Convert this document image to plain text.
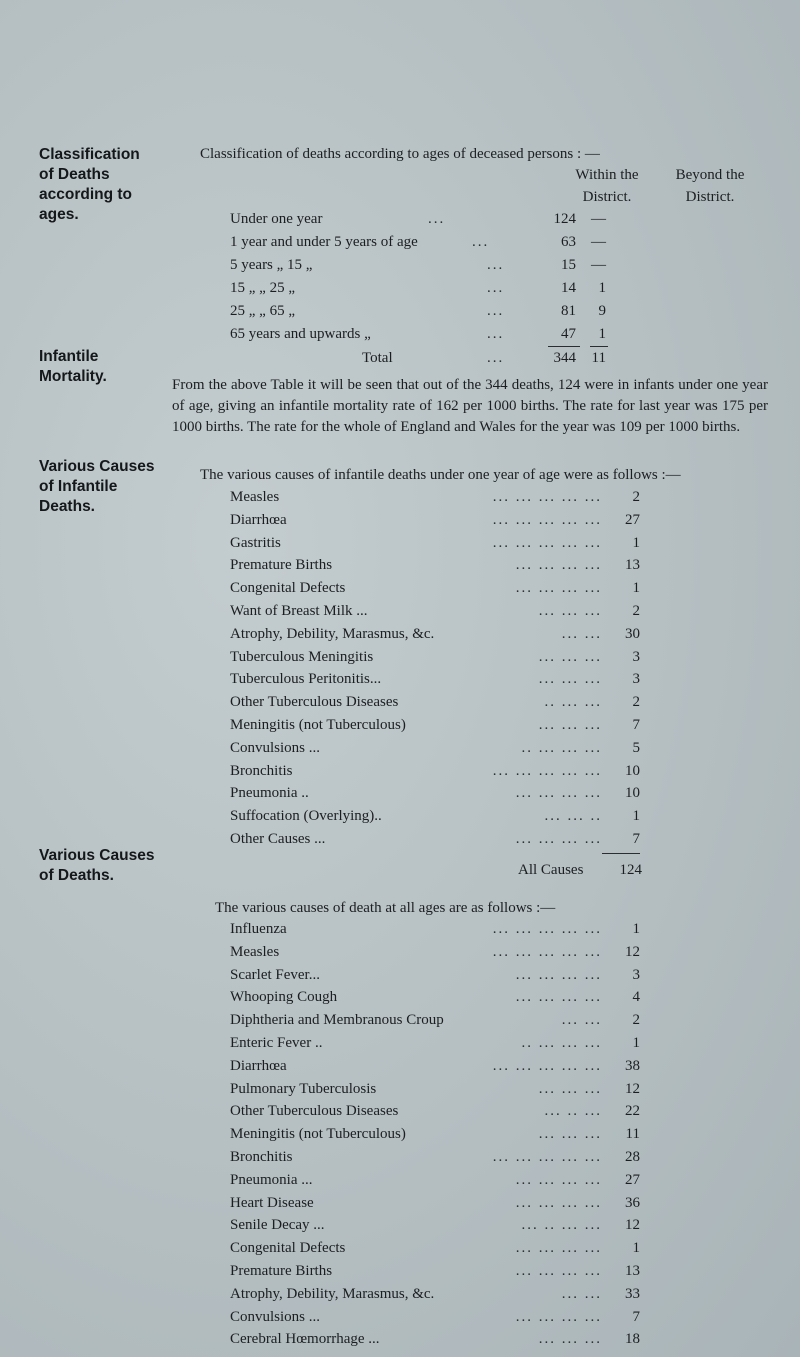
Classification
of Deaths
according to
ages.
Infantile
Mortality.
Various Causes
of Infantile
Deaths.
Various Causes
of Deaths.
Classification of deaths according to ages of deceased persons : —
Within the
District.
Beyond the
District.
Under one year	...	124	—
1 year and under 5 years of age	...	63	—
5 years „ 15 „	...	15	—
15 „ „ 25 „	...	14	1
25 „ „ 65 „	...	81	9
65 years and upwards „	...	47	1
Total	...	344	11
From the above Table it will be seen that out of the 344 deaths, 124 were in infants under one year of age, giving an infantile mortality rate of 162 per 1000 births. The rate for last year was 175 per 1000 births. The rate for the whole of England and Wales for the year was 109 per 1000 births.
The various causes of infantile deaths under one year of age were as follows :—
Measles	... ... ... ... ...	2
Diarrhœa	... ... ... ... ...	27
Gastritis	... ... ... ... ...	1
Premature Births	... ... ... ...	13
Congenital Defects	... ... ... ...	1
Want of Breast Milk ...	... ... ...	2
Atrophy, Debility, Marasmus, &c.	... ...	30
Tuberculous Meningitis	... ... ...	3
Tuberculous Peritonitis...	... ... ...	3
Other Tuberculous Diseases	.. ... ...	2
Meningitis (not Tuberculous)	... ... ...	7
Convulsions ...	.. ... ... ...	5
Bronchitis	... ... ... ... ...	10
Pneumonia ..	... ... ... ...	10
Suffocation (Overlying)..	... ... ..	1
Other Causes ...	... ... ... ...	7
All Causes	124
The various causes of death at all ages are as follows :—
Influenza	... ... ... ... ...	1
Measles	... ... ... ... ...	12
Scarlet Fever...	... ... ... ...	3
Whooping Cough	... ... ... ...	4
Diphtheria and Membranous Croup	... ...	2
Enteric Fever ..	.. ... ... ...	1
Diarrhœa	... ... ... ... ...	38
Pulmonary Tuberculosis	... ... ...	12
Other Tuberculous Diseases	... .. ...	22
Meningitis (not Tuberculous)	... ... ...	11
Bronchitis	... ... ... ... ...	28
Pneumonia ...	... ... ... ...	27
Heart Disease	... ... ... ...	36
Senile Decay ...	... .. ... ...	12
Congenital Defects	... ... ... ...	1
Premature Births	... ... ... ...	13
Atrophy, Debility, Marasmus, &c.	... ...	33
Convulsions ...	... ... ... ...	7
Cerebral Hœmorrhage ...	... ... ...	18
